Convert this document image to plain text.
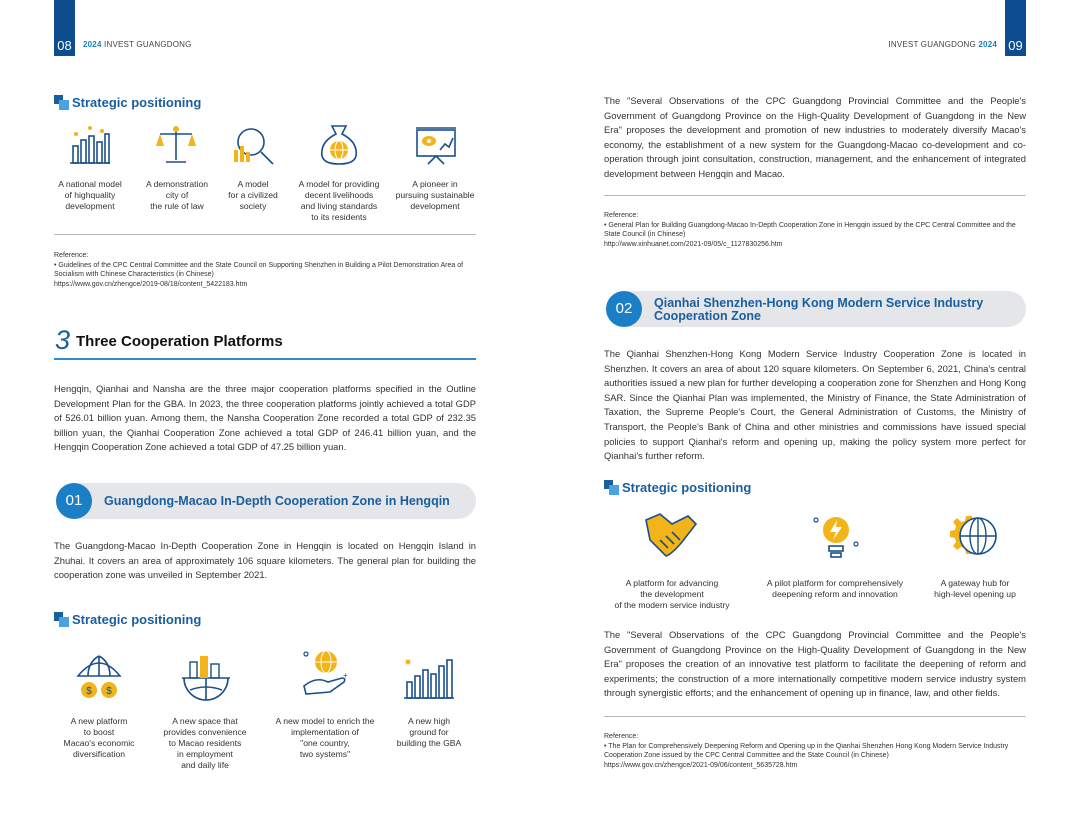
08	2024 INVEST GUANGDONG	INVEST GUANGDONG 2024 09
Strategic positioning
A national model
of highquality
development
A demonstration
city of
the rule of law
A model
for a civilized
society
A model for providing
decent livelihoods
and living standards
to its residents
A pioneer in
pursuing sustainable
development
Reference:
• Guidelines of the CPC Central Committee and the State Council on Supporting Shenzhen in Building a Pilot Demonstration Area of Socialism with Chinese Characteristics (in Chinese)
https://www.gov.cn/zhengce/2019-08/18/content_5422183.htm
3 Three Cooperation Platforms
Hengqin, Qianhai and Nansha are the three major cooperation platforms specified in the Outline Development Plan for the GBA. In 2023, the three cooperation platforms jointly achieved a total GDP of 526.01 billion yuan. Among them, the Nansha Cooperation Zone recorded a total GDP of 232.35 billion yuan, the Qianhai Cooperation Zone achieved a total GDP of 246.41 billion yuan, and the Hengqin Cooperation Zone achieved a total GDP of 47.25 billion yuan.
01	Guangdong-Macao In-Depth Cooperation Zone in Hengqin
The Guangdong-Macao In-Depth Cooperation Zone in Hengqin is located on Hengqin Island in Zhuhai. It covers an area of approximately 106 square kilometers. The general plan for building the cooperation zone was unveiled in September 2021.
Strategic positioning
$ $
+
A new platform
to boost
Macao's economic
diversification
A new space that
provides convenience
to Macao residents
in employment
and daily life
A new model to enrich the
implementation of
"one country,
two systems"
A new high
ground for
building the GBA
The "Several Observations of the CPC Guangdong Provincial Committee and the People's Government of Guangdong Province on the High-Quality Development of Guangdong in the New Era" proposes the development and promotion of new industries to moderately diversify Macao's economy, the establishment of a new system for the Guangdong-Macao co-development and co-operation through joint consultation, construction, management, and the enhancement of integrated development between Hengqin and Macao.
Reference:
• General Plan for Building Guangdong-Macao In-Depth Cooperation Zone in Hengqin issued by the CPC Central Committee and the State Council (in Chinese)
http://www.xinhuanet.com/2021-09/05/c_1127830256.htm
02	Qianhai Shenzhen-Hong Kong Modern Service Industry
Cooperation Zone
The Qianhai Shenzhen-Hong Kong Modern Service Industry Cooperation Zone is located in Shenzhen. It covers an area of about 120 square kilometers. On September 6, 2021, China's central authorities issued a new plan for further developing a cooperation zone for Shenzhen and Hong Kong SAR. Since the Qianhai Plan was implemented, the Ministry of Finance, the State Administration of Taxation, the Supreme People's Court, the General Administration of Customs, the Ministry of Transport, the People's Bank of China and other ministries and commissions have issued special policies to support Qianhai's reform and opening up, making the policy system more perfect for Qianhai's further reform.
Strategic positioning
A platform for advancing
the development
of the modern service industry
A pilot platform for comprehensively
deepening reform and innovation
A gateway hub for
high-level opening up
The "Several Observations of the CPC Guangdong Provincial Committee and the People's Government of Guangdong Province on the High-Quality Development of Guangdong in the New Era" proposes the creation of an innovative test platform to facilitate the deepening of reform and experiments; the construction of a more internationally competitive modern service industry system through synergistic efforts; and the enhancement of opening up in finance, law, and other fields.
Reference:
• The Plan for Comprehensively Deepening Reform and Opening up in the Qianhai Shenzhen Hong Kong Modern Service Industry Cooperation Zone issued by the CPC Central Committee and the State Council (in Chinese)
https://www.gov.cn/zhengce/2021-09/06/content_5635728.htm
